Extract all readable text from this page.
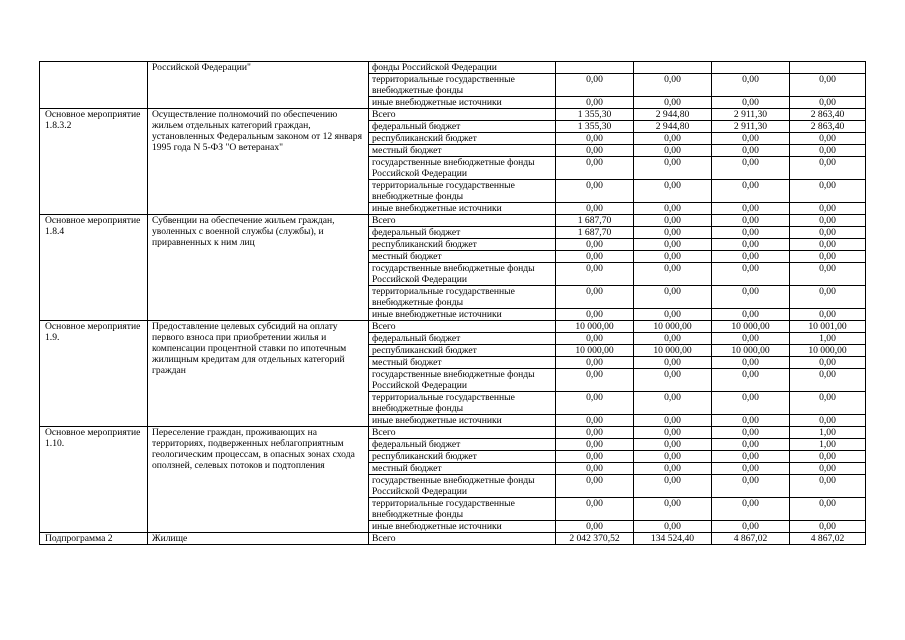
	Российской Федерации"	фонды Российской Федерации				
		территориальные государственные внебюджетные фонды	0,00	0,00	0,00	0,00
		иные внебюджетные источники	0,00	0,00	0,00	0,00
Основное мероприятие 1.8.3.2	Осуществление полномочий по обеспечению жильем отдельных категорий граждан, установленных Федеральным законом от 12 января 1995 года N 5-ФЗ "О ветеранах"	Всего	1 355,30	2 944,80	2 911,30	2 863,40
		федеральный бюджет	1 355,30	2 944,80	2 911,30	2 863,40
		республиканский бюджет	0,00	0,00	0,00	0,00
		местный бюджет	0,00	0,00	0,00	0,00
		государственные внебюджетные фонды Российской Федерации	0,00	0,00	0,00	0,00
		территориальные государственные внебюджетные фонды	0,00	0,00	0,00	0,00
		иные внебюджетные источники	0,00	0,00	0,00	0,00
Основное мероприятие 1.8.4	Субвенции на обеспечение жильем граждан, уволенных с военной службы (службы), и приравненных к ним лиц	Всего	1 687,70	0,00	0,00	0,00
		федеральный бюджет	1 687,70	0,00	0,00	0,00
		республиканский бюджет	0,00	0,00	0,00	0,00
		местный бюджет	0,00	0,00	0,00	0,00
		государственные внебюджетные фонды Российской Федерации	0,00	0,00	0,00	0,00
		территориальные государственные внебюджетные фонды	0,00	0,00	0,00	0,00
		иные внебюджетные источники	0,00	0,00	0,00	0,00
Основное мероприятие 1.9.	Предоставление целевых субсидий на оплату первого взноса при приобретении жилья и компенсации процентной ставки по ипотечным жилищным кредитам для отдельных категорий граждан	Всего	10 000,00	10 000,00	10 000,00	10 001,00
		федеральный бюджет	0,00	0,00	0,00	1,00
		республиканский бюджет	10 000,00	10 000,00	10 000,00	10 000,00
		местный бюджет	0,00	0,00	0,00	0,00
		государственные внебюджетные фонды Российской Федерации	0,00	0,00	0,00	0,00
		территориальные государственные внебюджетные фонды	0,00	0,00	0,00	0,00
		иные внебюджетные источники	0,00	0,00	0,00	0,00
Основное мероприятие 1.10.	Переселение граждан, проживающих на территориях, подверженных неблагоприятным геологическим процессам, в опасных зонах схода оползней, селевых потоков и подтопления	Всего	0,00	0,00	0,00	1,00
		федеральный бюджет	0,00	0,00	0,00	1,00
		республиканский бюджет	0,00	0,00	0,00	0,00
		местный бюджет	0,00	0,00	0,00	0,00
		государственные внебюджетные фонды Российской Федерации	0,00	0,00	0,00	0,00
		территориальные государственные внебюджетные фонды	0,00	0,00	0,00	0,00
		иные внебюджетные источники	0,00	0,00	0,00	0,00
Подпрограмма 2	Жилище	Всего	2 042 370,52	134 524,40	4 867,02	4 867,02
